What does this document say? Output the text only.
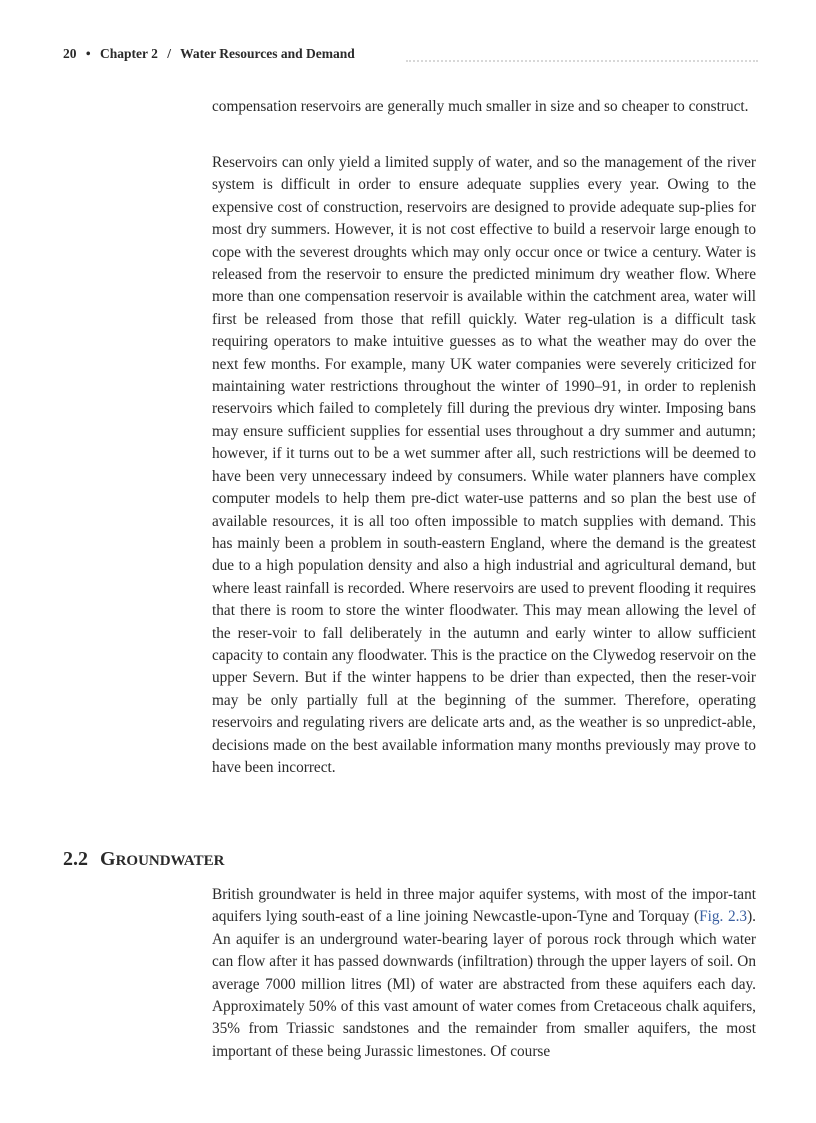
20 • Chapter 2 / Water Resources and Demand

compensation reservoirs are generally much smaller in size and so cheaper to construct.

Reservoirs can only yield a limited supply of water, and so the management of the river system is difficult in order to ensure adequate supplies every year. Owing to the expensive cost of construction, reservoirs are designed to provide adequate sup-plies for most dry summers. However, it is not cost effective to build a reservoir large enough to cope with the severest droughts which may only occur once or twice a century. Water is released from the reservoir to ensure the predicted minimum dry weather flow. Where more than one compensation reservoir is available within the catchment area, water will first be released from those that refill quickly. Water reg-ulation is a difficult task requiring operators to make intuitive guesses as to what the weather may do over the next few months. For example, many UK water companies were severely criticized for maintaining water restrictions throughout the winter of 1990–91, in order to replenish reservoirs which failed to completely fill during the previous dry winter. Imposing bans may ensure sufficient supplies for essential uses throughout a dry summer and autumn; however, if it turns out to be a wet summer after all, such restrictions will be deemed to have been very unnecessary indeed by consumers. While water planners have complex computer models to help them pre-dict water-use patterns and so plan the best use of available resources, it is all too often impossible to match supplies with demand. This has mainly been a problem in south-eastern England, where the demand is the greatest due to a high population density and also a high industrial and agricultural demand, but where least rainfall is recorded. Where reservoirs are used to prevent flooding it requires that there is room to store the winter floodwater. This may mean allowing the level of the reser-voir to fall deliberately in the autumn and early winter to allow sufficient capacity to contain any floodwater. This is the practice on the Clywedog reservoir on the upper Severn. But if the winter happens to be drier than expected, then the reser-voir may be only partially full at the beginning of the summer. Therefore, operating reservoirs and regulating rivers are delicate arts and, as the weather is so unpredict-able, decisions made on the best available information many months previously may prove to have been incorrect.

2.2 GROUNDWATER

British groundwater is held in three major aquifer systems, with most of the impor-tant aquifers lying south-east of a line joining Newcastle-upon-Tyne and Torquay (Fig. 2.3). An aquifer is an underground water-bearing layer of porous rock through which water can flow after it has passed downwards (infiltration) through the upper layers of soil. On average 7000 million litres (Ml) of water are abstracted from these aquifers each day. Approximately 50% of this vast amount of water comes from Cretaceous chalk aquifers, 35% from Triassic sandstones and the remainder from smaller aquifers, the most important of these being Jurassic limestones. Of course
